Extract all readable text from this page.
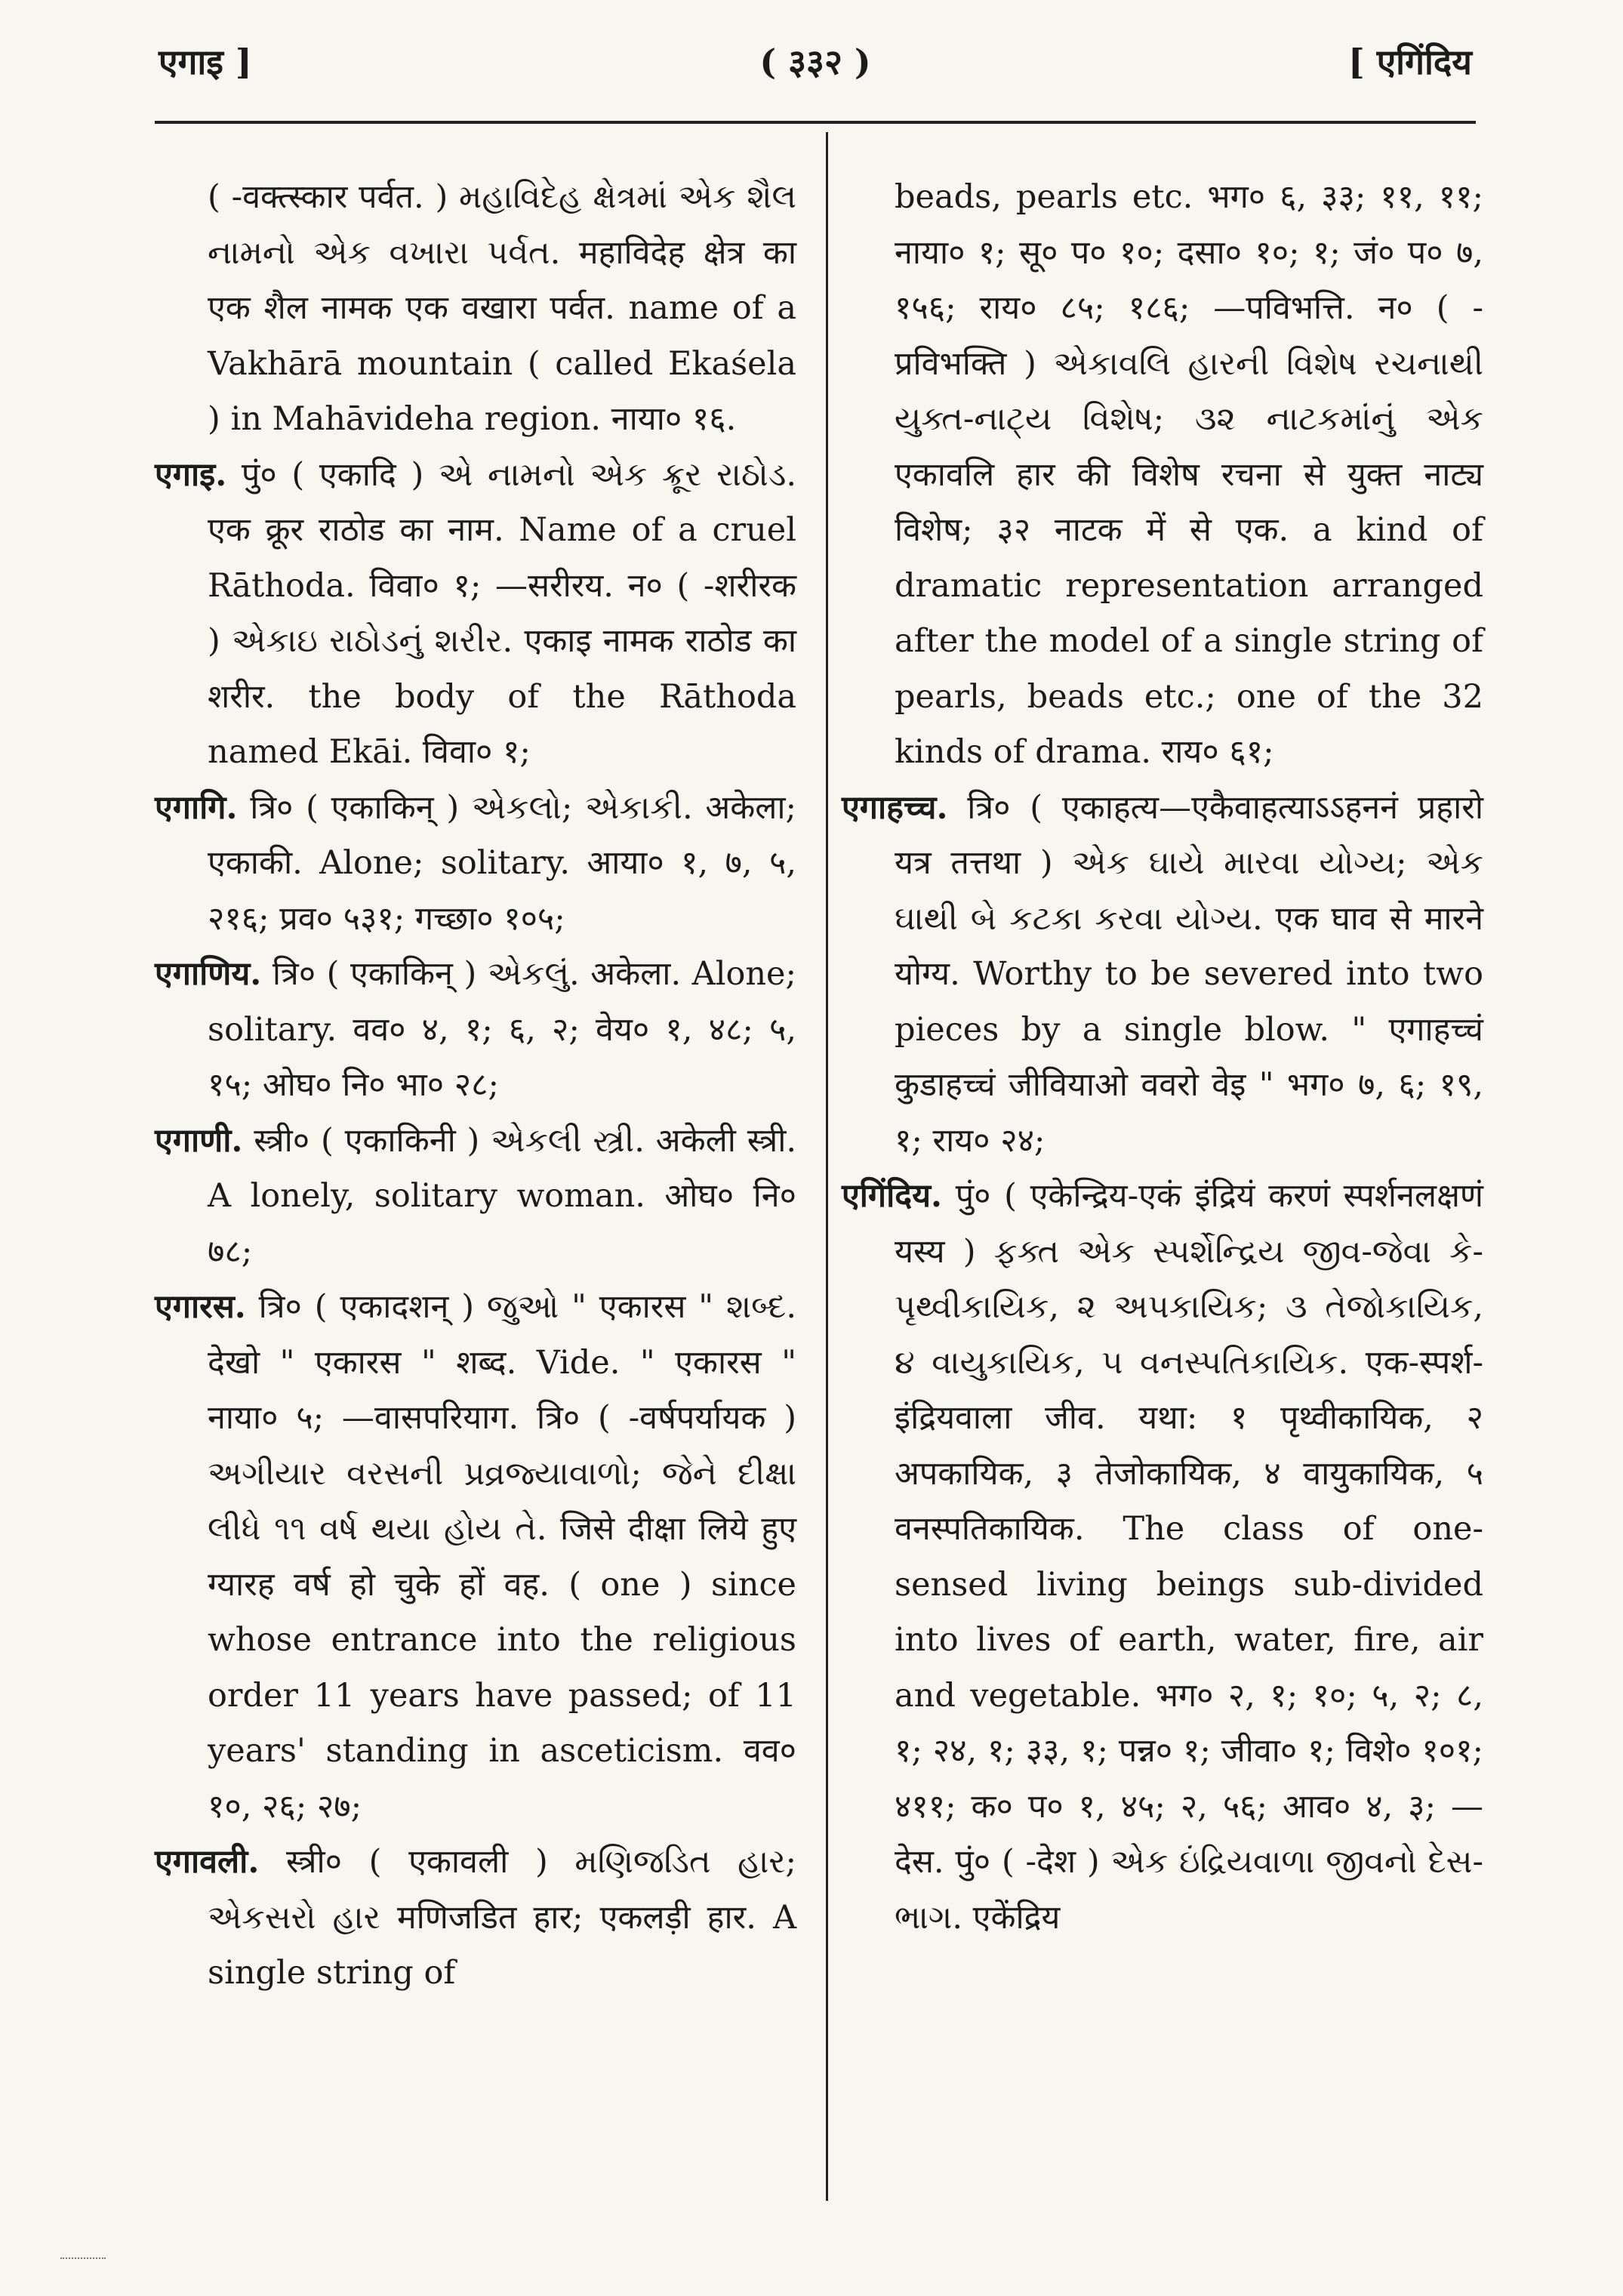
एगाइ ]	( ३३२ )	[ एगिंदिय

( -वक्त्स्कार पर्वत. ) મહાવિદેહ ક્ષેત્રમાં એક શૈલ નામનો એક વખારા પર્વત. महाविदेह क्षेत्र का एक शैल नामक एक वखारा पर्वत. name of a Vakhārā mountain ( called Ekaśela ) in Mahāvideha region. नाया० १६.

एगाइ. पुं० ( एकादि ) એ નામનો એક ક્રૂર રાઠોડ. एक क्रूर राठोड का नाम. Name of a cruel Rāthoda. विवा० १; —सरीरय. न० ( -शरीरक ) એકાઇ રાઠોડનું શરીર. एकाइ नामक राठोड का शरीर. the body of the Rāthoda named Ekāi. विवा० १;

एगागि. त्रि० ( एकाकिन् ) એકલો; એકાકી. अकेला; एकाकी. Alone; solitary. आया० १, ७, ५, २१६; प्रव० ५३१; गच्छा० १०५;

एगाणिय. त्रि० ( एकाकिन् ) એકલું. अकेला. Alone; solitary. वव० ४, १; ६, २; वेय० १, ४८; ५, १५; ओघ० नि० भा० २८;

एगाणी. स्त्री० ( एकाकिनी ) એકલી સ્ત્રી. अकेली स्त्री. A lonely, solitary woman. ओघ० नि० ७८;

एगारस. त्रि० ( एकादशन् ) જુઓ " एकारस " શબ્દ. देखो " एकारस " शब्द. Vide. " एकारस " नाया० ५; —वासपरियाग. त्रि० ( -वर्षपर्यायक ) અગીયાર વરસની પ્રવ્રજ્યાવાળો; જેને દીક્ષા લીધે ૧૧ વર્ષ થયા હોય તે. जिसे दीक्षा लिये हुए ग्यारह वर्ष हो चुके हों वह. ( one ) since whose entrance into the religious order 11 years have passed; of 11 years' standing in asceticism. वव० १०, २६; २७;

एगावली. स्त्री० ( एकावली ) મણિજડિત હાર; એકસરો હાર मणिजडित हार; एकलड़ी हार. A single string of

beads, pearls etc. भग० ६, ३३; ११, ११; नाया० १; सू० प० १०; दसा० १०; १; जं० प० ७, १५६; राय० ८५; १८६; —पविभत्ति. न० ( -प्रविभक्ति ) એકાવલિ હારની વિશેષ રચનાથી યુક્ત-નાટ્ય વિશેષ; ૩૨ નાટકમાંનું એક एकावलि हार की विशेष रचना से युक्त नाट्य विशेष; ३२ नाटक में से एक. a kind of dramatic representation arranged after the model of a single string of pearls, beads etc.; one of the 32 kinds of drama. राय० ६१;

एगाहच्च. त्रि० ( एकाहत्य—एकैवाहत्याऽऽहननं प्रहारो यत्र तत्तथा ) એક ઘાયે મારવા યોગ્ય; એક ઘાથી બે કટકા કરવા યોગ્ય. एक घाव से मारने योग्य. Worthy to be severed into two pieces by a single blow. " एगाहच्चं कुडाहच्चं जीवियाओ ववरो वेइ " भग० ७, ६; १९, १; राय० २४;

एगिंदिय. पुं० ( एकेन्द्रिय-एकं इंद्रियं करणं स्पर्शनलक्षणं यस्य ) ફક્ત એક સ્પર્શેન્દ્રિય જીવ-જેવા કે-પૃથ્વીકાયિક, ૨ અપકાયિક; ૩ તેજોકાયિક, ૪ વાયુકાયિક, ૫ વનસ્પતિકાયિક. एक-स्पर्श-इंद्रियवाला जीव. यथा: १ पृथ्वीकायिक, २ अपकायिक, ३ तेजोकायिक, ४ वायुकायिक, ५ वनस्पतिकायिक. The class of one-sensed living beings sub-divided into lives of earth, water, fire, air and vegetable. भग० २, १; १०; ५, २; ८, १; २४, १; ३३, १; पन्न० १; जीवा० १; विशे० १०१; ४११; क० प० १, ४५; २, ५६; आव० ४, ३; —देस. पुं० ( -देश ) એક ઇંદ્રિયવાળા જીવનો દેસ-ભાગ. एकेंद्रिय
